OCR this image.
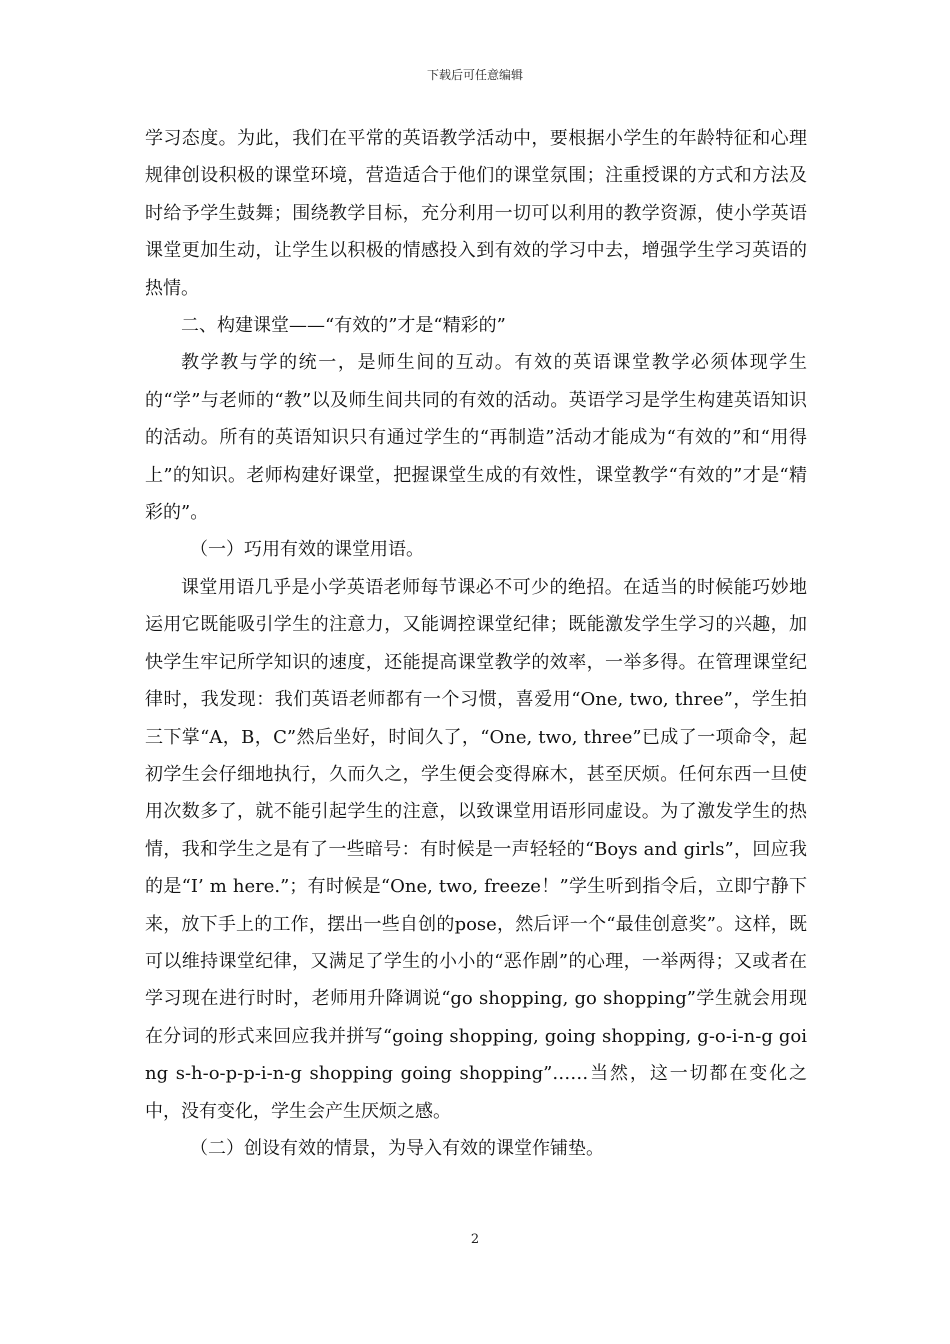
下载后可任意编辑

学习态度。为此，我们在平常的英语教学活动中，要根据小学生的年龄特征和心理规律创设积极的课堂环境，营造适合于他们的课堂氛围；注重授课的方式和方法及时给予学生鼓舞；围绕教学目标，充分利用一切可以利用的教学资源，使小学英语课堂更加生动，让学生以积极的情感投入到有效的学习中去，增强学生学习英语的热情。

二、构建课堂——“有效的”才是“精彩的”

教学教与学的统一，是师生间的互动。有效的英语课堂教学必须体现学生的“学”与老师的“教”以及师生间共同的有效的活动。英语学习是学生构建英语知识的活动。所有的英语知识只有通过学生的“再制造”活动才能成为“有效的”和“用得上”的知识。老师构建好课堂，把握课堂生成的有效性，课堂教学“有效的”才是“精彩的”。

（一）巧用有效的课堂用语。

课堂用语几乎是小学英语老师每节课必不可少的绝招。在适当的时候能巧妙地运用它既能吸引学生的注意力，又能调控课堂纪律；既能激发学生学习的兴趣，加快学生牢记所学知识的速度，还能提高课堂教学的效率，一举多得。在管理课堂纪律时，我发现：我们英语老师都有一个习惯，喜爱用“One, two, three”，学生拍三下掌“A，B，C”然后坐好，时间久了，“One, two, three”已成了一项命令，起初学生会仔细地执行，久而久之，学生便会变得麻木，甚至厌烦。任何东西一旦使用次数多了，就不能引起学生的注意，以致课堂用语形同虚设。为了激发学生的热情，我和学生之是有了一些暗号：有时候是一声轻轻的“Boys and girls”，回应我的是“I’ m here.”；有时候是“One, two, freeze！”学生听到指令后，立即宁静下来，放下手上的工作，摆出一些自创的pose，然后评一个“最佳创意奖”。这样，既可以维持课堂纪律，又满足了学生的小小的“恶作剧”的心理，一举两得；又或者在学习现在进行时时，老师用升降调说“go shopping, go shopping”学生就会用现在分词的形式来回应我并拼写“going shopping, going shopping, g-o-i-n-g going s-h-o-p-p-i-n-g shopping going shopping”……当然，这一切都在变化之中，没有变化，学生会产生厌烦之感。

（二）创设有效的情景，为导入有效的课堂作铺垫。

2
